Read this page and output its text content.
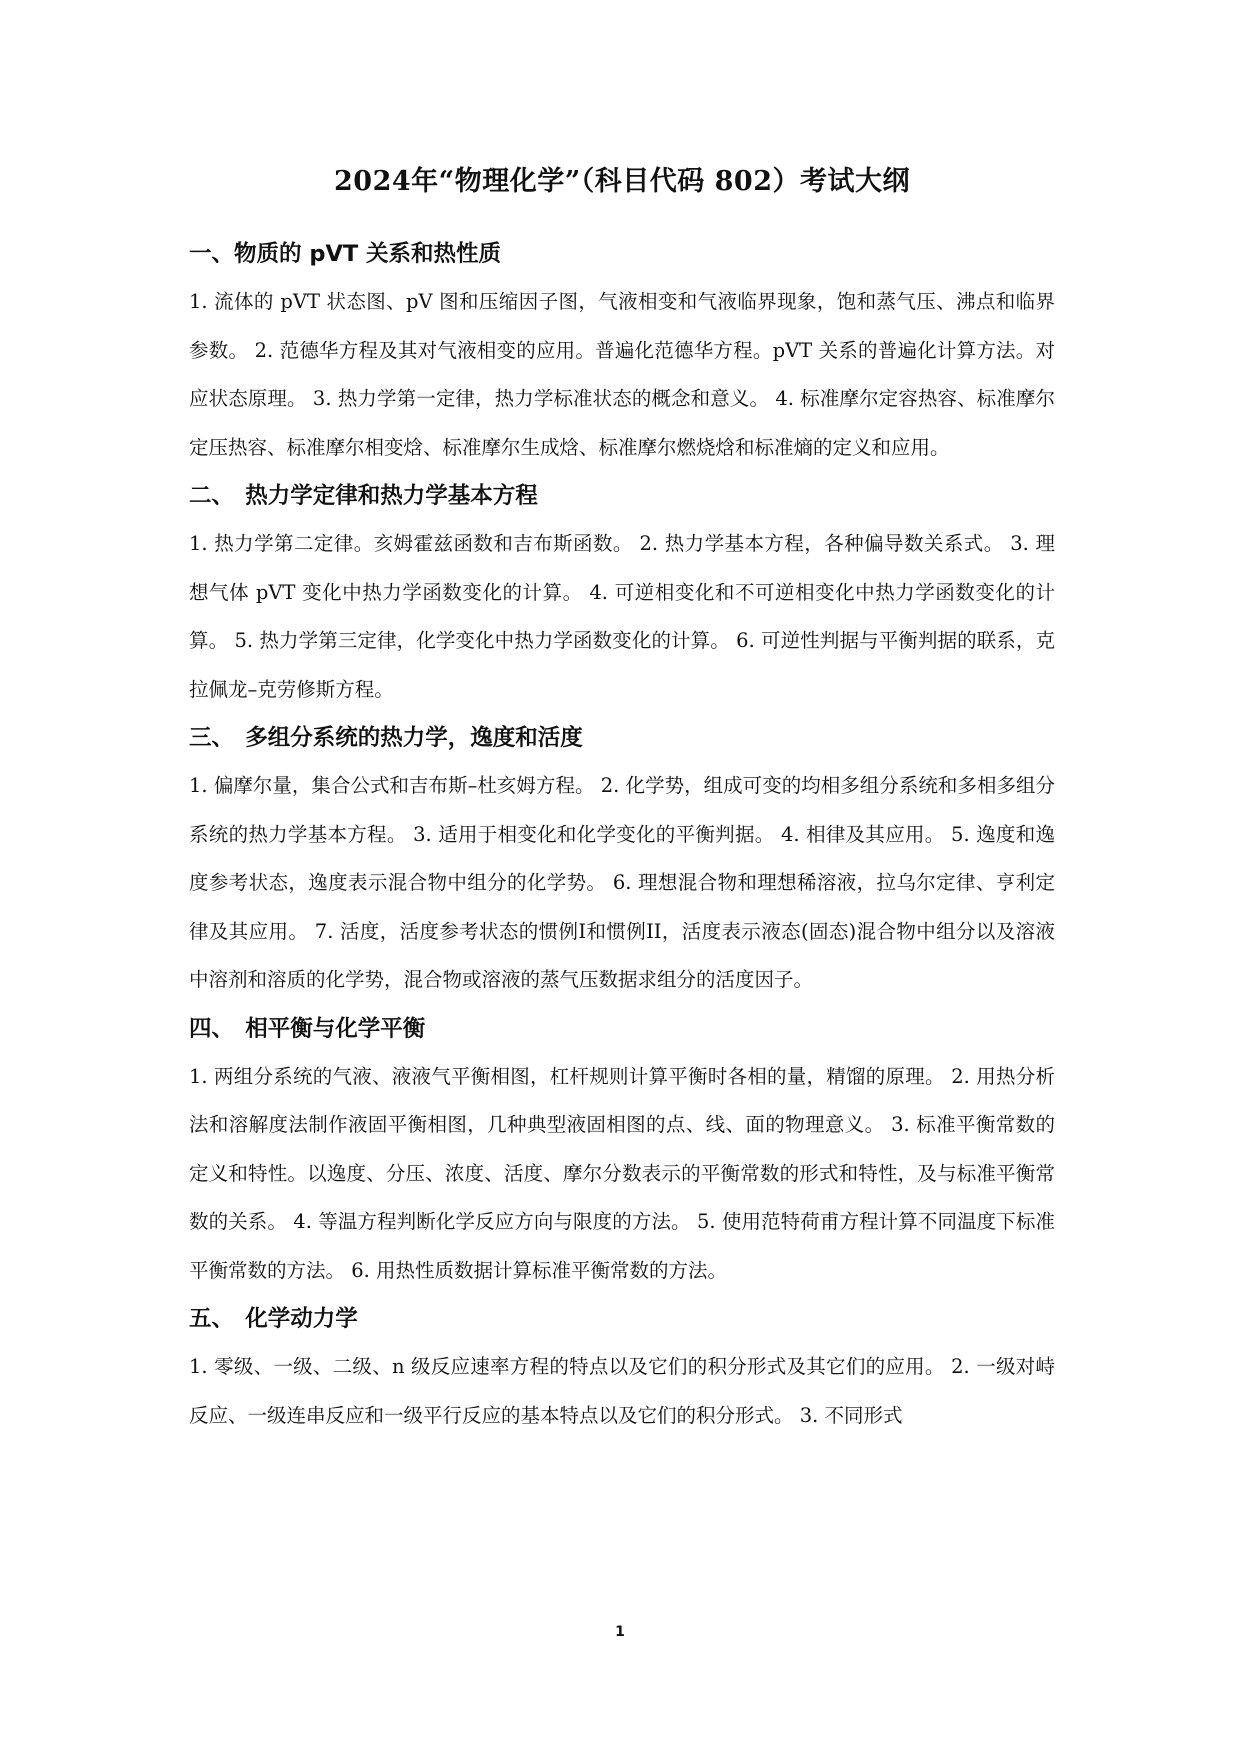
2024年“物理化学”（科目代码 802）考试大纲
一、物质的 pVT 关系和热性质

1. 流体的 pVT 状态图、pV 图和压缩因子图，气液相变和气液临界现象，饱和蒸气压、沸点和临界参数。 2. 范德华方程及其对气液相变的应用。普遍化范德华方程。pVT 关系的普遍化计算方法。对应状态原理。 3. 热力学第一定律，热力学标准状态的概念和意义。 4. 标准摩尔定容热容、标准摩尔定压热容、标准摩尔相变焓、标准摩尔生成焓、标准摩尔燃烧焓和标准熵的定义和应用。

二、　热力学定律和热力学基本方程

1. 热力学第二定律。亥姆霍兹函数和吉布斯函数。 2. 热力学基本方程，各种偏导数关系式。 3. 理想气体 pVT 变化中热力学函数变化的计算。 4. 可逆相变化和不可逆相变化中热力学函数变化的计算。 5. 热力学第三定律，化学变化中热力学函数变化的计算。 6. 可逆性判据与平衡判据的联系，克拉佩龙–克劳修斯方程。

三、　多组分系统的热力学，逸度和活度

1. 偏摩尔量，集合公式和吉布斯–杜亥姆方程。 2. 化学势，组成可变的均相多组分系统和多相多组分系统的热力学基本方程。 3. 适用于相变化和化学变化的平衡判据。 4. 相律及其应用。 5. 逸度和逸度参考状态，逸度表示混合物中组分的化学势。 6. 理想混合物和理想稀溶液，拉乌尔定律、亨利定律及其应用。 7. 活度，活度参考状态的惯例I和惯例II，活度表示液态(固态)混合物中组分以及溶液中溶剂和溶质的化学势，混合物或溶液的蒸气压数据求组分的活度因子。

四、　相平衡与化学平衡

1. 两组分系统的气液、液液气平衡相图，杠杆规则计算平衡时各相的量，精馏的原理。 2. 用热分析法和溶解度法制作液固平衡相图，几种典型液固相图的点、线、面的物理意义。 3. 标准平衡常数的定义和特性。以逸度、分压、浓度、活度、摩尔分数表示的平衡常数的形式和特性，及与标准平衡常数的关系。 4. 等温方程判断化学反应方向与限度的方法。 5. 使用范特荷甫方程计算不同温度下标准平衡常数的方法。 6. 用热性质数据计算标准平衡常数的方法。

五、　化学动力学

1. 零级、一级、二级、n 级反应速率方程的特点以及它们的积分形式及其它们的应用。 2. 一级对峙反应、一级连串反应和一级平行反应的基本特点以及它们的积分形式。 3. 不同形式

1
